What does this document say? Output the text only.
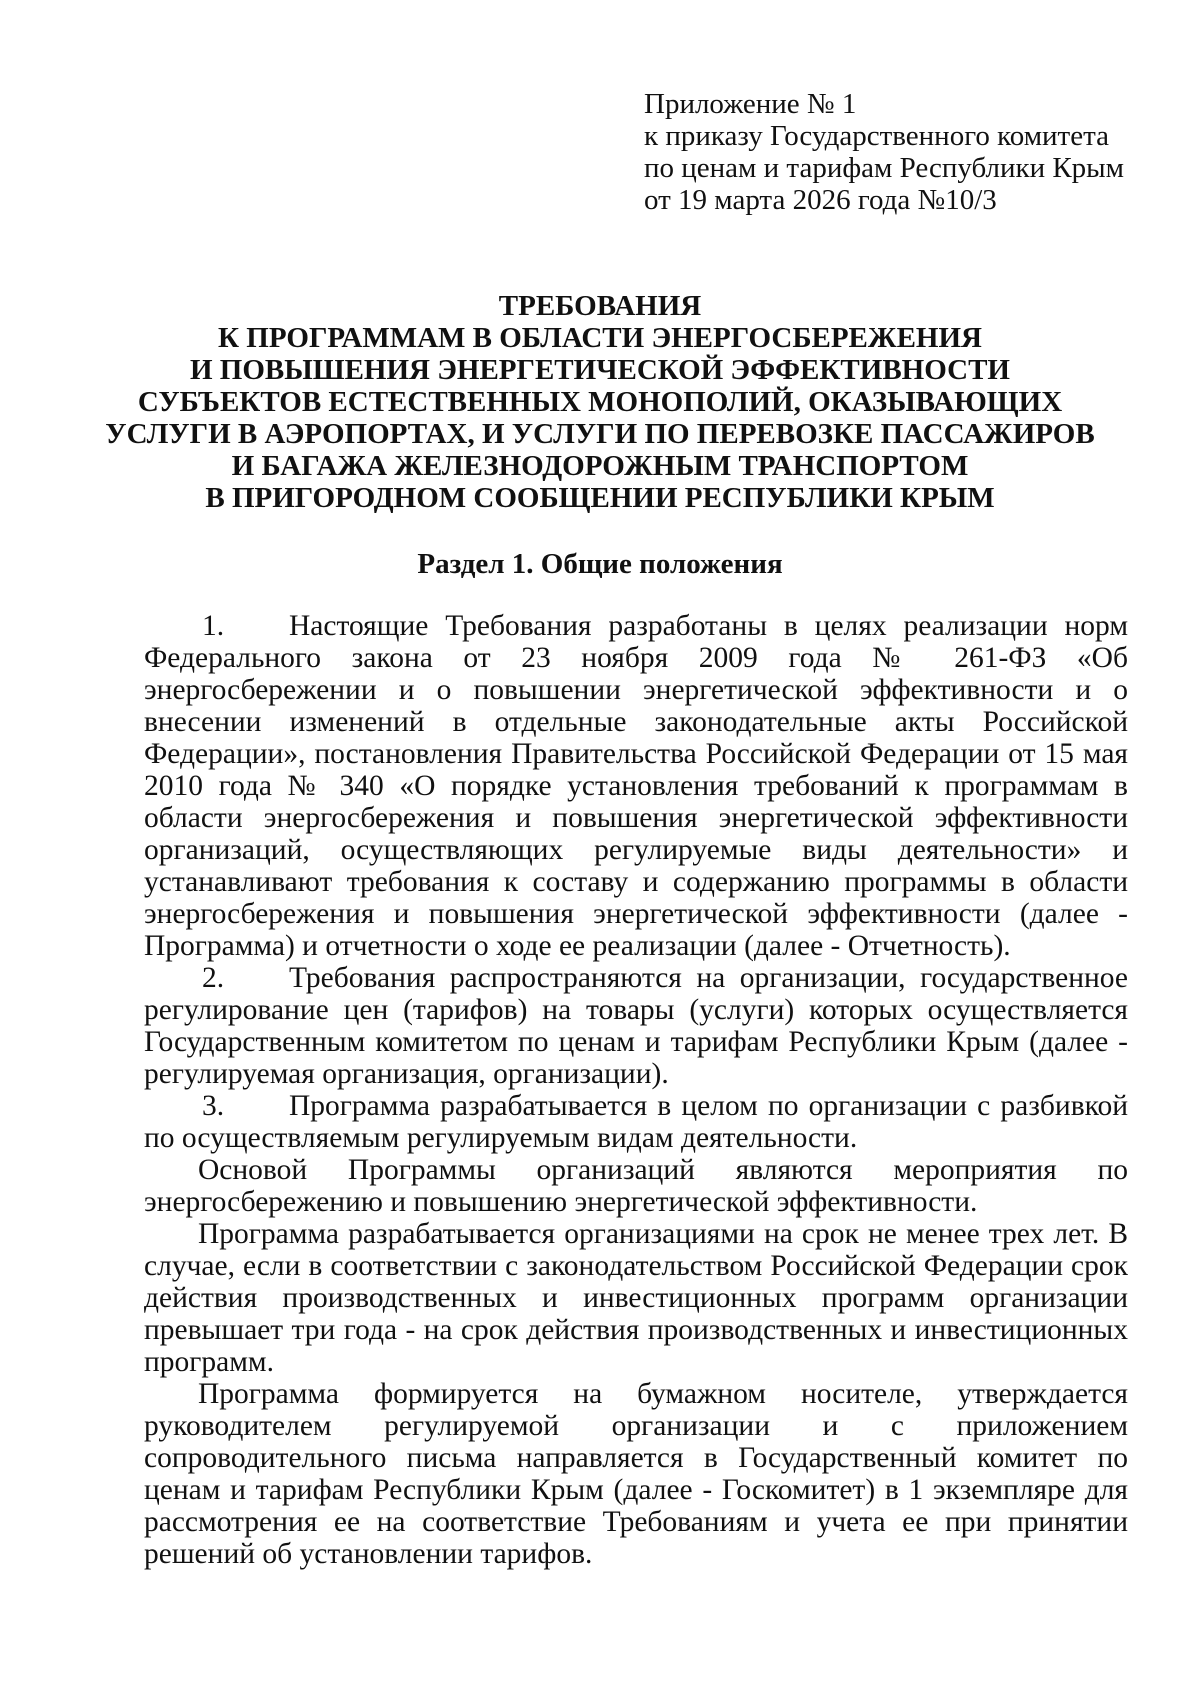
Приложение № 1
к приказу Государственного комитета
по ценам и тарифам Республики Крым
от 19 марта 2026 года №10/3
ТРЕБОВАНИЯ
К ПРОГРАММАМ В ОБЛАСТИ ЭНЕРГОСБЕРЕЖЕНИЯ
И ПОВЫШЕНИЯ ЭНЕРГЕТИЧЕСКОЙ ЭФФЕКТИВНОСТИ
СУБЪЕКТОВ ЕСТЕСТВЕННЫХ МОНОПОЛИЙ, ОКАЗЫВАЮЩИХ
УСЛУГИ В АЭРОПОРТАХ, И УСЛУГИ ПО ПЕРЕВОЗКЕ ПАССАЖИРОВ
И БАГАЖА ЖЕЛЕЗНОДОРОЖНЫМ ТРАНСПОРТОМ
В ПРИГОРОДНОМ СООБЩЕНИИ РЕСПУБЛИКИ КРЫМ
Раздел 1. Общие положения

1. Настоящие Требования разработаны в целях реализации норм Федерального закона от 23 ноября 2009 года № 261-ФЗ «Об энергосбережении и о повышении энергетической эффективности и о внесении изменений в отдельные законодательные акты Российской Федерации», постановления Правительства Российской Федерации от 15 мая 2010 года № 340 «О порядке установления требований к программам в области энергосбережения и повышения энергетической эффективности организаций, осуществляющих регулируемые виды деятельности» и устанавливают требования к составу и содержанию программы в области энергосбережения и повышения энергетической эффективности (далее - Программа) и отчетности о ходе ее реализации (далее - Отчетность).

2. Требования распространяются на организации, государственное регулирование цен (тарифов) на товары (услуги) которых осуществляется Государственным комитетом по ценам и тарифам Республики Крым (далее - регулируемая организация, организации).

3. Программа разрабатывается в целом по организации с разбивкой по осуществляемым регулируемым видам деятельности.

Основой Программы организаций являются мероприятия по энергосбережению и повышению энергетической эффективности.

Программа разрабатывается организациями на срок не менее трех лет. В случае, если в соответствии с законодательством Российской Федерации срок действия производственных и инвестиционных программ организации превышает три года - на срок действия производственных и инвестиционных программ.

Программа формируется на бумажном носителе, утверждается руководителем регулируемой организации и с приложением сопроводительного письма направляется в Государственный комитет по ценам и тарифам Республики Крым (далее - Госкомитет) в 1 экземпляре для рассмотрения ее на соответствие Требованиям и учета ее при принятии решений об установлении тарифов.
